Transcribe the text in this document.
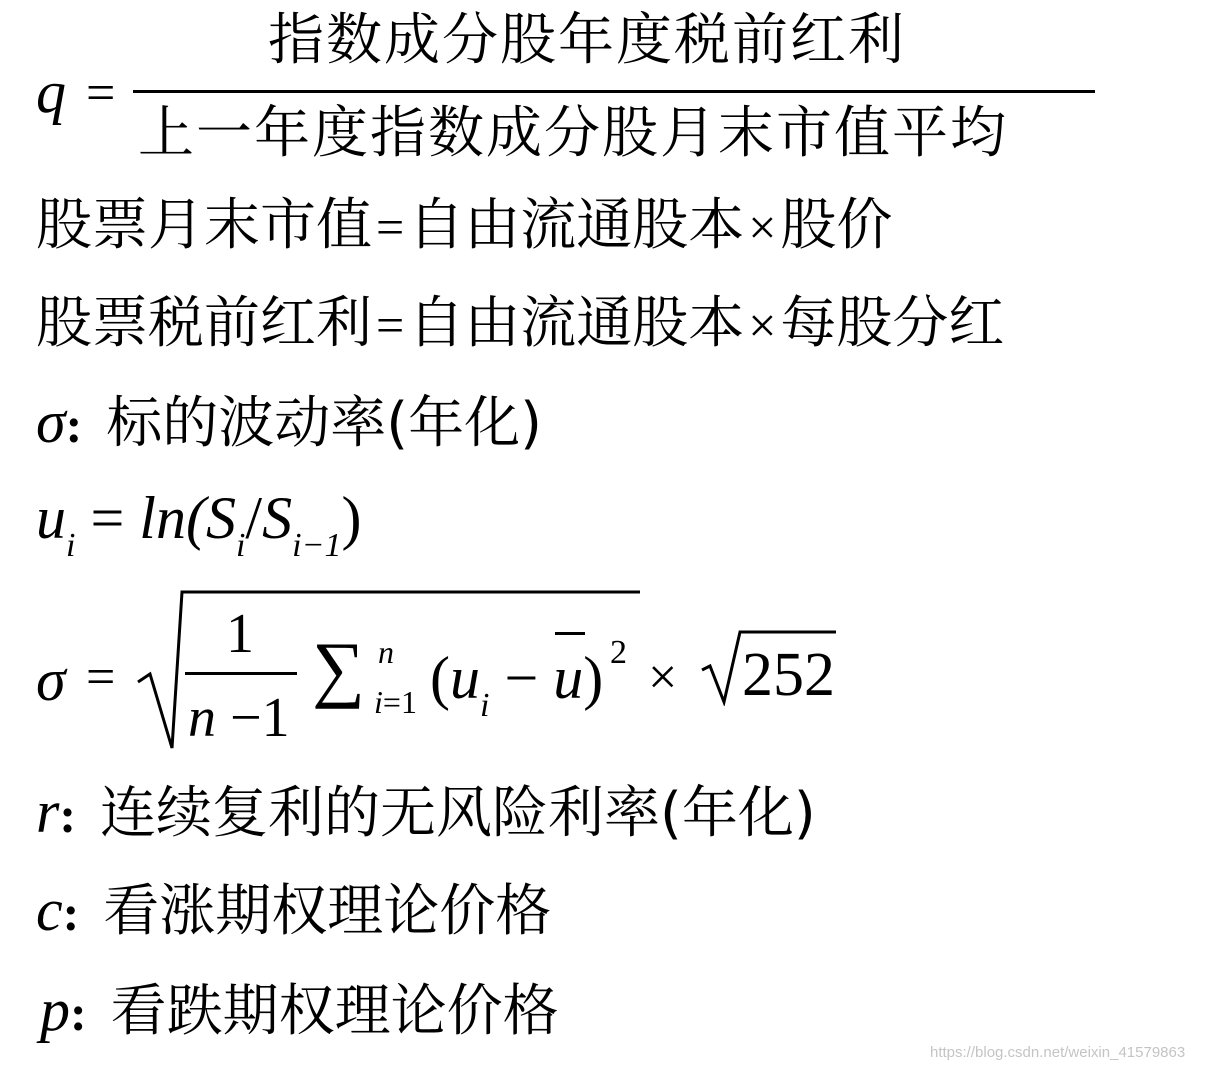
q =
指数成分股年度税前红利
上一年度指数成分股月末市值平均
股票月末市值=自由流通股本×股价
股票税前红利=自由流通股本×每股分红
σ: 标的波动率(年化)
$u_i = \ln(S_i/S_{i-1})$
σ =
1
n −1
∑ n
i=1 $(u_i - u) 2 \times 252$
r: 连续复利的无风险利率(年化)
c: 看涨期权理论价格
p: 看跌期权理论价格
https://blog.csdn.net/weixin_41579863
